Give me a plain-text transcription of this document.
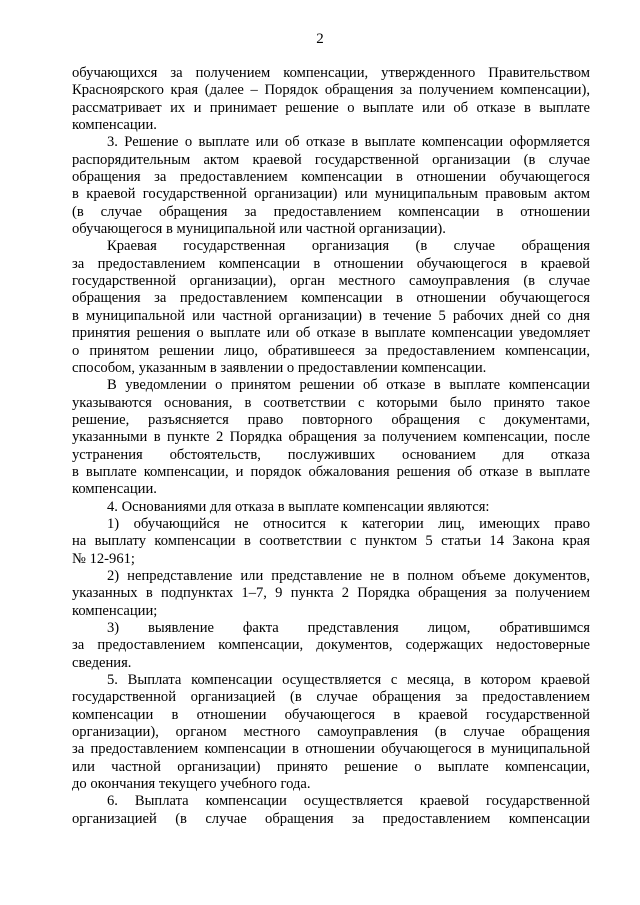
2
обучающихся за получением компенсации, утвержденного Правительством
Красноярского края (далее – Порядок обращения за получением компенсации),
рассматривает их и принимает решение о выплате или об отказе в выплате
компенсации.
3. Решение о выплате или об отказе в выплате компенсации оформляется
распорядительным актом краевой государственной организации (в случае
обращения за предоставлением компенсации в отношении обучающегося
в краевой государственной организации) или муниципальным правовым актом
(в случае обращения за предоставлением компенсации в отношении
обучающегося в муниципальной или частной организации).
Краевая государственная организация (в случае обращения
за предоставлением компенсации в отношении обучающегося в краевой
государственной организации), орган местного самоуправления (в случае
обращения за предоставлением компенсации в отношении обучающегося
в муниципальной или частной организации) в течение 5 рабочих дней со дня
принятия решения о выплате или об отказе в выплате компенсации уведомляет
о принятом решении лицо, обратившееся за предоставлением компенсации,
способом, указанным в заявлении о предоставлении компенсации.
В уведомлении о принятом решении об отказе в выплате компенсации
указываются основания, в соответствии с которыми было принято такое
решение, разъясняется право повторного обращения с документами,
указанными в пункте 2 Порядка обращения за получением компенсации, после
устранения обстоятельств, послуживших основанием для отказа
в выплате компенсации, и порядок обжалования решения об отказе в выплате
компенсации.
4. Основаниями для отказа в выплате компенсации являются:
1) обучающийся не относится к категории лиц, имеющих право
на выплату компенсации в соответствии с пунктом 5 статьи 14 Закона края
№ 12-961;
2) непредставление или представление не в полном объеме документов,
указанных в подпунктах 1–7, 9 пункта 2 Порядка обращения за получением
компенсации;
3) выявление факта представления лицом, обратившимся
за предоставлением компенсации, документов, содержащих недостоверные
сведения.
5. Выплата компенсации осуществляется с месяца, в котором краевой
государственной организацией (в случае обращения за предоставлением
компенсации в отношении обучающегося в краевой государственной
организации), органом местного самоуправления (в случае обращения
за предоставлением компенсации в отношении обучающегося в муниципальной
или частной организации) принято решение о выплате компенсации,
до окончания текущего учебного года.
6. Выплата компенсации осуществляется краевой государственной
организацией (в случае обращения за предоставлением компенсации
